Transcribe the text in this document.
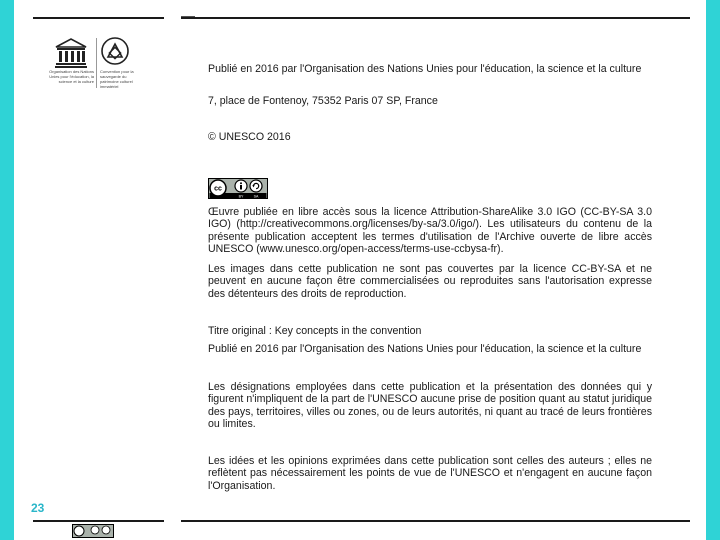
Organisation des Nations Unies pour l'éducation, la science et la culture
Convention pour la sauvegarde du patrimoine culturel immatériel

Publié en 2016 par l'Organisation des Nations Unies pour l'éducation, la science et la culture

7, place de Fontenoy, 75352 Paris 07 SP, France

© UNESCO 2016

cc
BY	SA

Œuvre publiée en libre accès sous la licence Attribution-ShareAlike 3.0 IGO (CC-BY-SA 3.0 IGO) (http://creativecommons.org/licenses/by-sa/3.0/igo/). Les utilisateurs du contenu de la présente publication acceptent les termes d'utilisation de l'Archive ouverte de libre accès UNESCO (www.unesco.org/open-access/terms-use-ccbysa-fr).

Les images dans cette publication ne sont pas couvertes par la licence CC-BY-SA et ne peuvent en aucune façon être commercialisées ou reproduites sans l'autorisation expresse des détenteurs des droits de reproduction.

Titre original : Key concepts in the convention

Publié en 2016 par l'Organisation des Nations Unies pour l'éducation, la science et la culture

Les désignations employées dans cette publication et la présentation des données qui y figurent n'impliquent de la part de l'UNESCO aucune prise de position quant au statut juridique des pays, territoires, villes ou zones, ou de leurs autorités, ni quant au tracé de leurs frontières ou limites.

Les idées et les opinions exprimées dans cette publication sont celles des auteurs ; elles ne reflètent pas nécessairement les points de vue de l'UNESCO et n'engagent en aucune façon l'Organisation.

23
